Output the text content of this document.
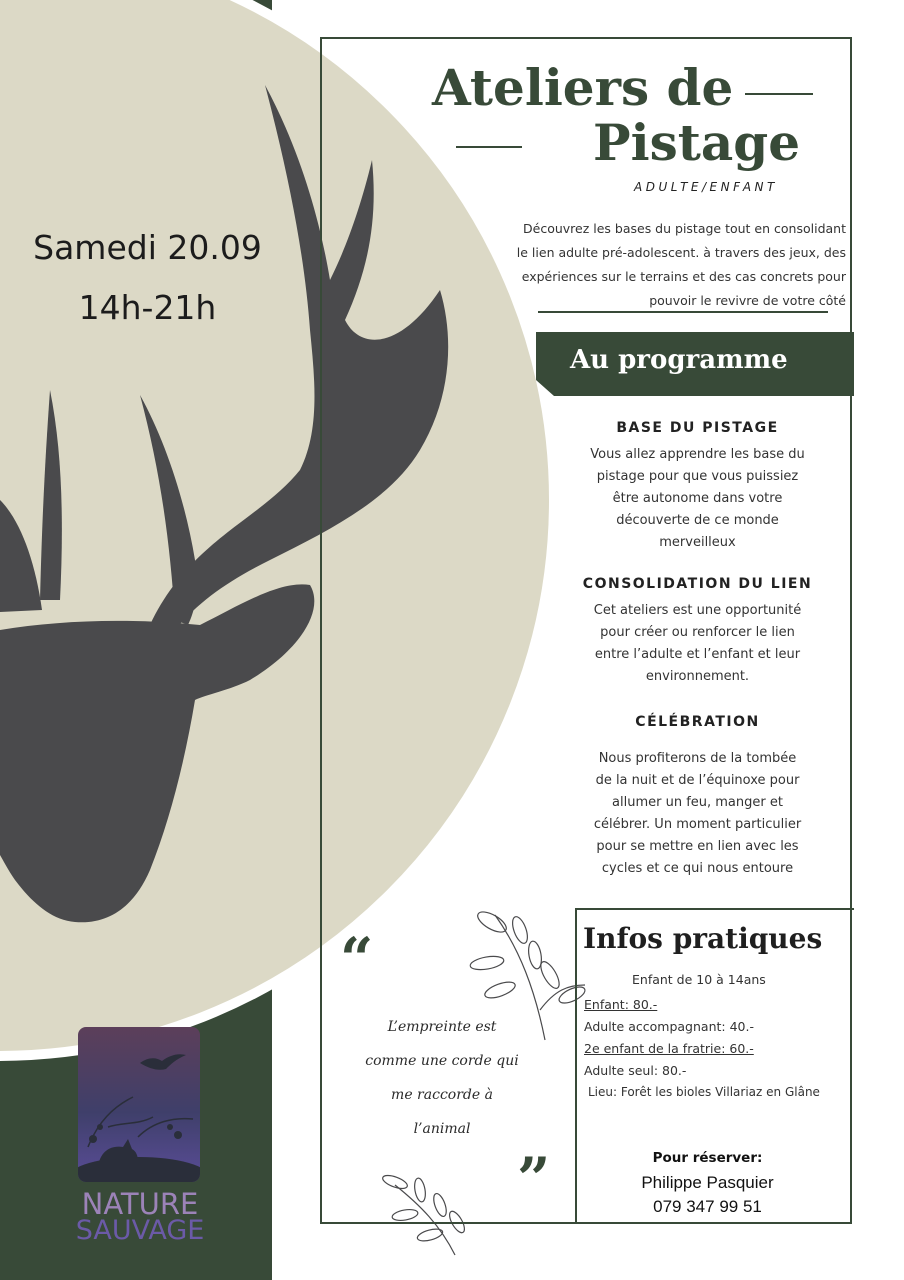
Samedi 20.09
14h-21h
Ateliers de
Pistage
ADULTE/ENFANT
Découvrez les bases du pistage tout en consolidant
le lien adulte pré-adolescent. à travers des jeux, des
expériences sur le terrains et des cas concrets pour
pouvoir le revivre de votre côté
Au programme
BASE DU PISTAGE
Vous allez apprendre les base du
pistage pour que vous puissiez
être autonome dans votre
découverte de ce monde
merveilleux
CONSOLIDATION DU LIEN
Cet ateliers est une opportunité
pour créer ou renforcer le lien
entre l’adulte et l’enfant et leur
environnement.
CÉLÉBRATION
Nous profiterons de la tombée
de la nuit et de l’équinoxe pour
allumer un feu, manger et
célébrer. Un moment particulier
pour se mettre en lien avec les
cycles et ce qui nous entoure
“
L’empreinte est
comme une corde qui
me raccorde à
l’animal
”
Infos pratiques
Enfant de 10 à 14ans
Enfant: 80.-
Adulte accompagnant: 40.-
2e enfant de la fratrie: 60.-
Adulte seul: 80.-
Lieu: Forêt les bioles Villariaz en Glâne
Pour réserver:
Philippe Pasquier
079 347 99 51
NATURE
SAUVAGE
